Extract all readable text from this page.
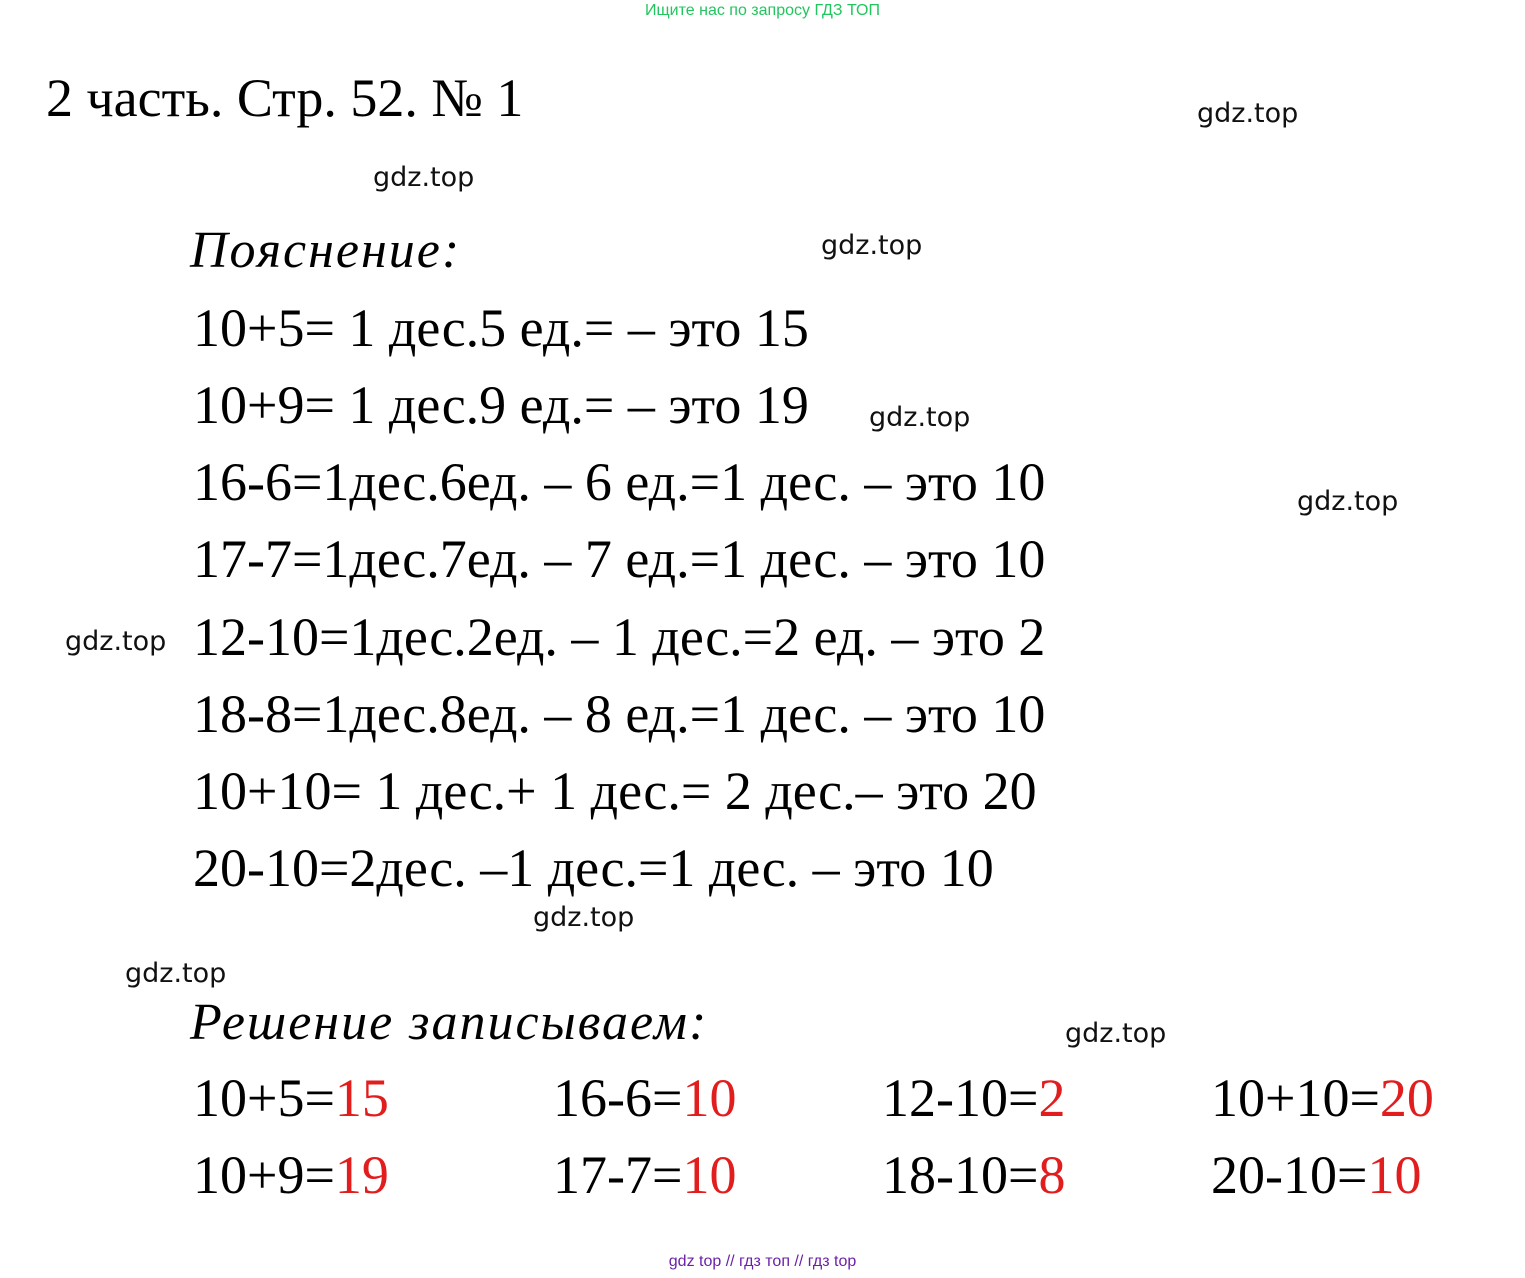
Ищите нас по запросу ГДЗ ТОП
2 часть. Стр. 52. № 1	gdz.top
gdz.top
gdz.top
gdz.top
gdz.top
gdz.top
gdz.top
gdz.top
gdz.top
Пояснение:
10+5= 1 дес.5 ед.= – это 15
10+9= 1 дес.9 ед.= – это 19
16-6=1дес.6ед. – 6 ед.=1 дес. – это 10
17-7=1дес.7ед. – 7 ед.=1 дес. – это 10
12-10=1дес.2ед. – 1 дес.=2 ед. – это 2
18-8=1дес.8ед. – 8 ед.=1 дес. – это 10
10+10= 1 дес.+ 1 дес.= 2 дес.– это 20
20-10=2дес. –1 дес.=1 дес. – это 10
Решение записываем:
10+5=15	16-6=10	12-10=2	10+10=20
10+9=19	17-7=10	18-10=8	20-10=10
gdz top // гдз топ // гдз top
